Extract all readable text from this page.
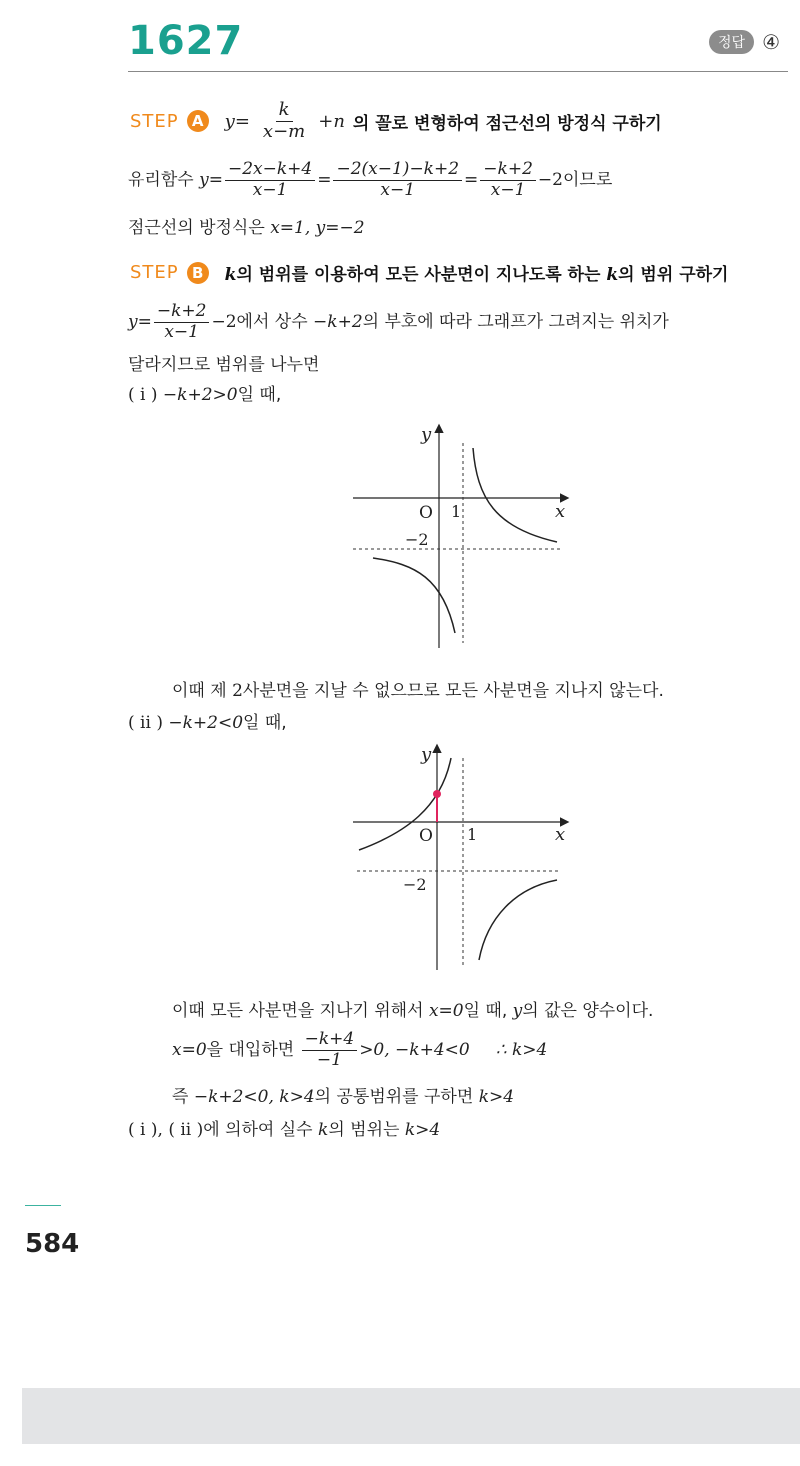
1627	정답 ④
STEP A $y= \frac{k}{x-m} +n$ 의 꼴로 변형하여 점근선의 방정식 구하기
유리함수 $y= \frac{-2x-k+4}{x-1} = \frac{-2(x-1)-k+2}{x-1} = \frac{-k+2}{x-1} -2$이므로
점근선의 방정식은 x=1, y=−2
STEP B	k의 범위를 이용하여 모든 사분면이 지나도록 하는 k의 범위 구하기
$y= \frac{-k+2}{x-1} -2$에서 상수 −k+2의 부호에 따라 그래프가 그려지는 위치가
달라지므로 범위를 나누면
( i ) −k+2>0일 때,
y
x
O 1
−2
이때 제 2사분면을 지날 수 없으므로 모든 사분면을 지나지 않는다.
( ii ) −k+2<0일 때,
y
x
O 1
−2
이때 모든 사분면을 지나기 위해서 x=0일 때, y의 값은 양수이다.
x=0을 대입하면 $\frac{-k+4}{-1} >0$, −k+4<0 ∴ k>4
즉 −k+2<0, k>4의 공통범위를 구하면 k>4
( i ), ( ii )에 의하여 실수 k의 범위는 k>4
584
